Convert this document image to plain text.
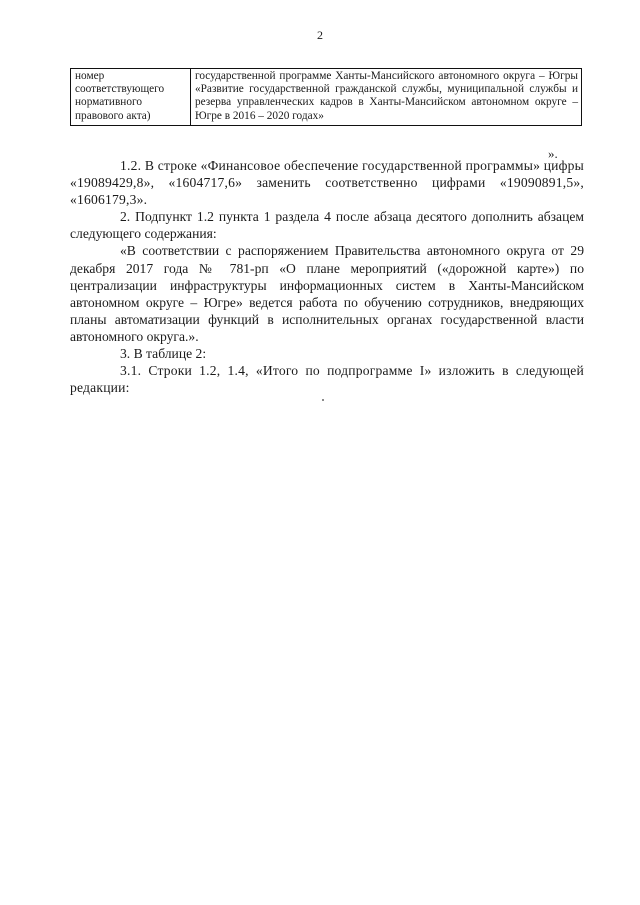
2
номер соответствующего нормативного правового акта)	государственной программе Ханты-Мансийского автономного округа – Югры «Развитие государственной гражданской службы, муниципальной службы и резерва управленческих кадров в Ханты-Мансийском автономном округе – Югре в 2016 – 2020 годах»
».

1.2. В строке «Финансовое обеспечение государственной программы» цифры «19089429,8», «1604717,6» заменить соответственно цифрами «19090891,5», «1606179,3».

2. Подпункт 1.2 пункта 1 раздела 4 после абзаца десятого дополнить абзацем следующего содержания:

«В соответствии с распоряжением Правительства автономного округа от 29 декабря 2017 года № 781-рп «О плане мероприятий («дорожной карте») по централизации инфраструктуры информационных систем в Ханты-Мансийском автономном округе – Югре» ведется работа по обучению сотрудников, внедряющих планы автоматизации функций в исполнительных органах государственной власти автономного округа.».

3. В таблице 2:

3.1. Строки 1.2, 1.4, «Итого по подпрограмме I» изложить в следующей редакции:
